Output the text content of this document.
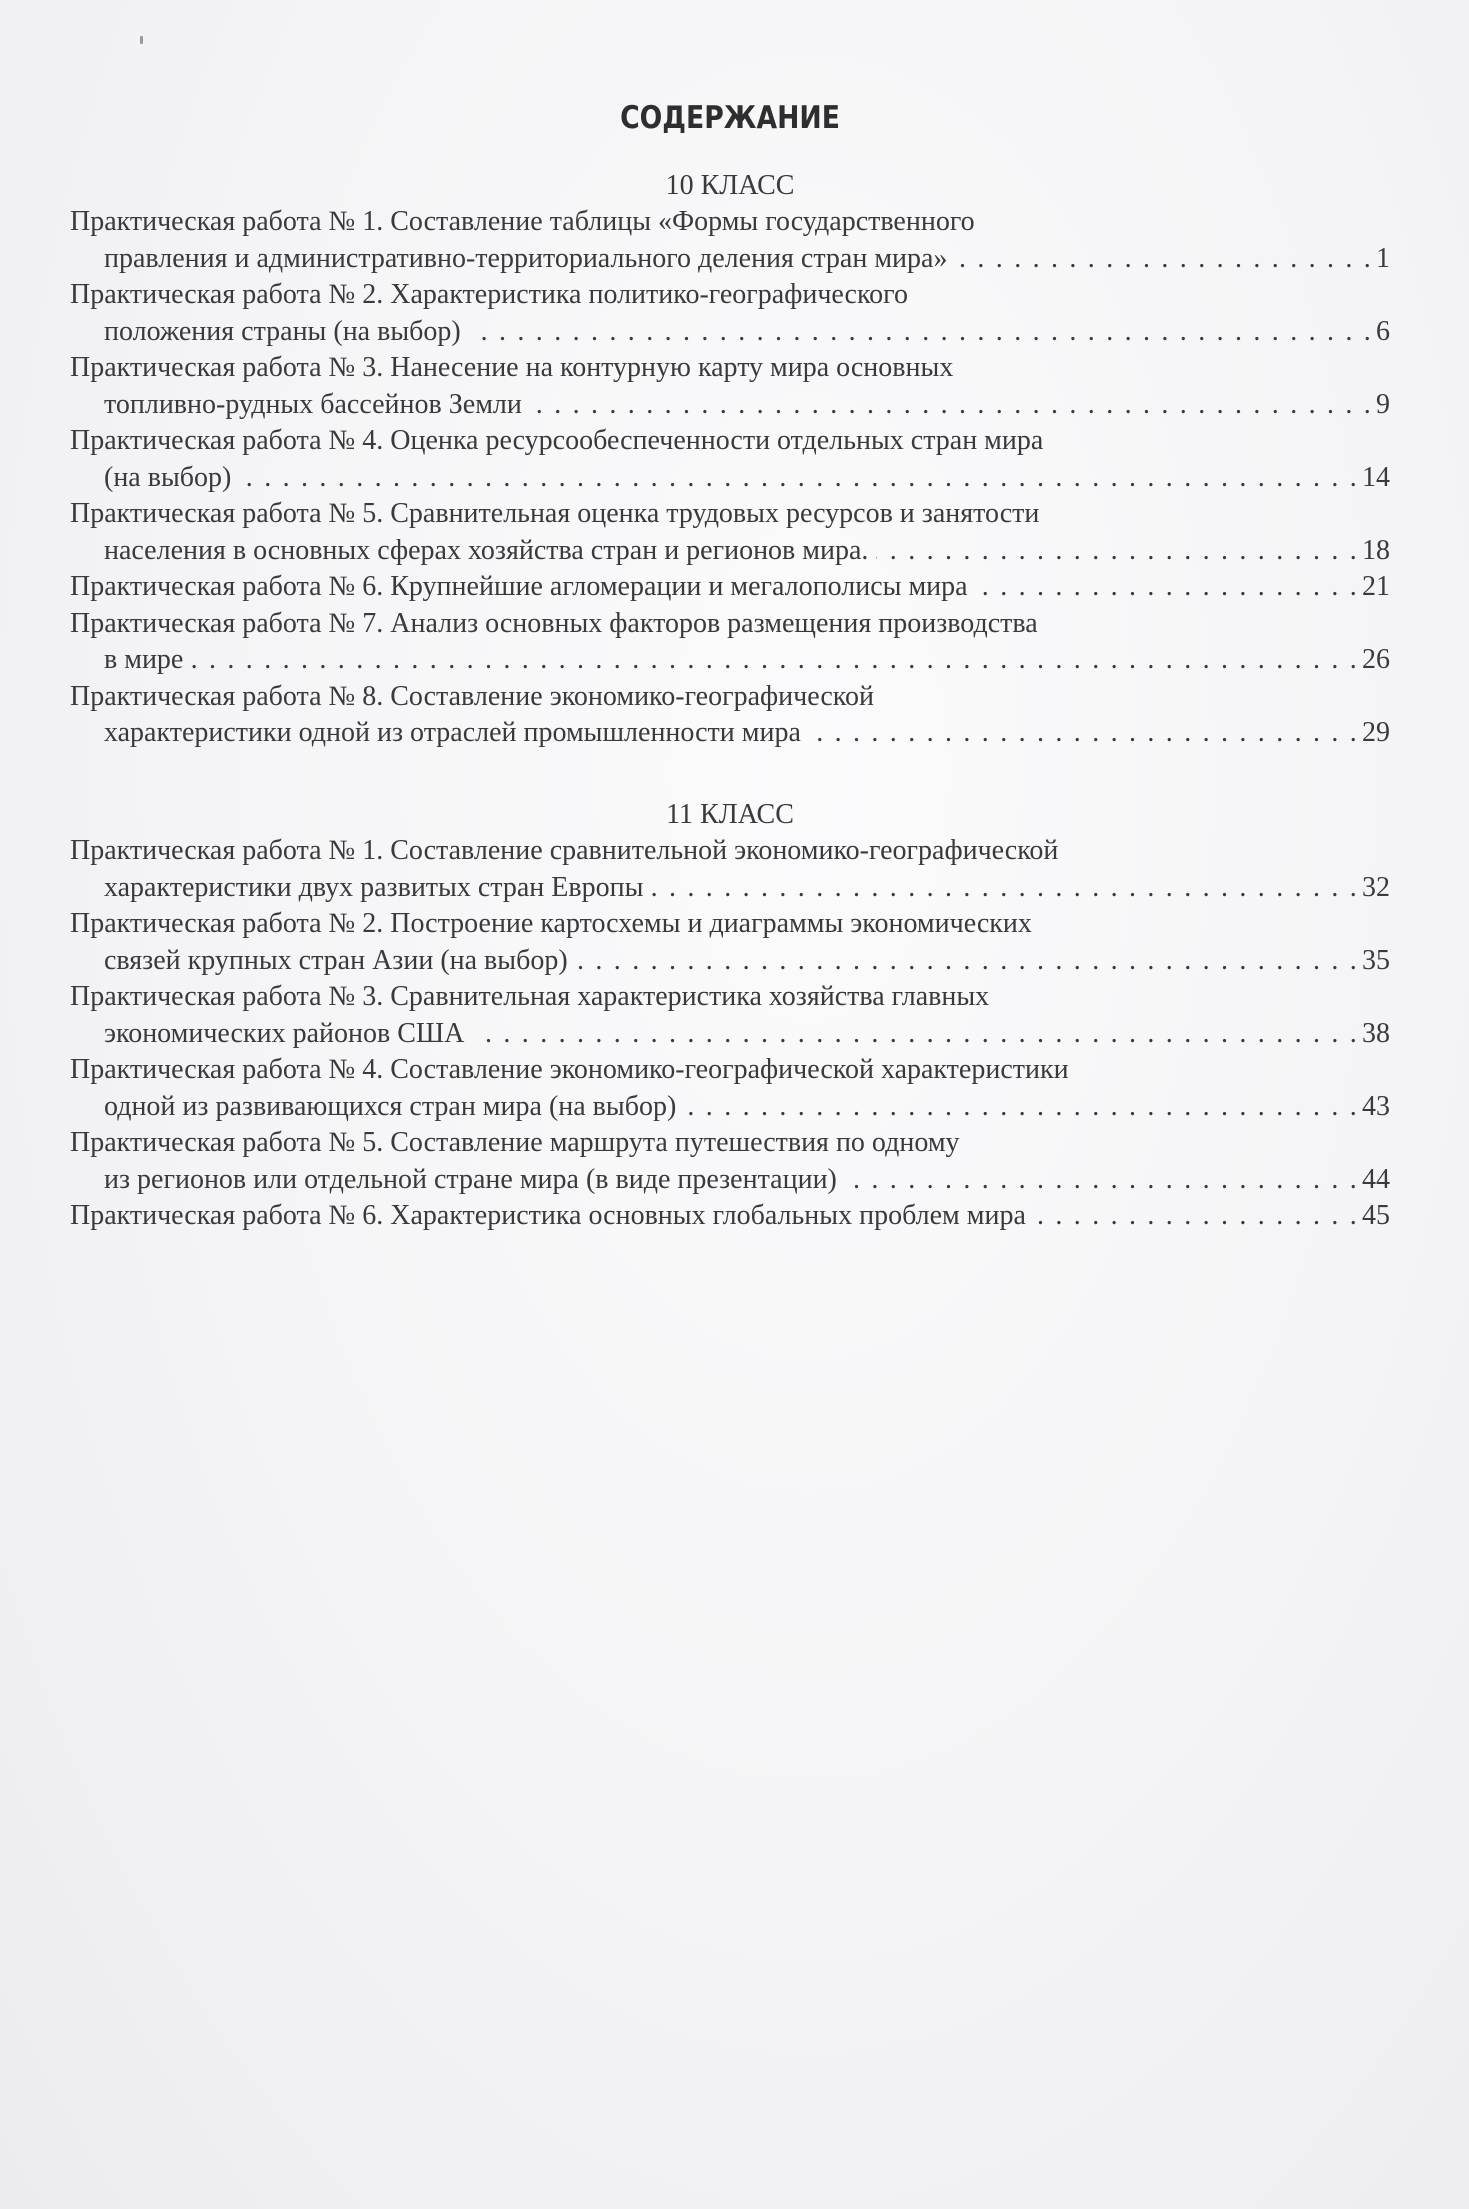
СОДЕРЖАНИЕ
10 КЛАСС
Практическая работа № 1. Составление таблицы «Формы государственного
правления и административно-территориального деления стран мира» . . .	1
Практическая работа № 2. Характеристика политико-географического
положения страны (на выбор) . . .	6
Практическая работа № 3. Нанесение на контурную карту мира основных
топливно-рудных бассейнов Земли . . .	9
Практическая работа № 4. Оценка ресурсообеспеченности отдельных стран мира
(на выбор) . . .	14
Практическая работа № 5. Сравнительная оценка трудовых ресурсов и занятости
населения в основных сферах хозяйства стран и регионов мира. . . .	18
Практическая работа № 6. Крупнейшие агломерации и мегалополисы мира . . .	21
Практическая работа № 7. Анализ основных факторов размещения производства
в мире . . .	26
Практическая работа № 8. Составление экономико-географической
характеристики одной из отраслей промышленности мира . . .	29
11 КЛАСС
Практическая работа № 1. Составление сравнительной экономико-географической
характеристики двух развитых стран Европы . . .	32
Практическая работа № 2. Построение картосхемы и диаграммы экономических
связей крупных стран Азии (на выбор) . . .	35
Практическая работа № 3. Сравнительная характеристика хозяйства главных
экономических районов США . . .	38
Практическая работа № 4. Составление экономико-географической характеристики
одной из развивающихся стран мира (на выбор) . . .	43
Практическая работа № 5. Составление маршрута путешествия по одному
из регионов или отдельной стране мира (в виде презентации) . . .	44
Практическая работа № 6. Характеристика основных глобальных проблем мира . . .	45
